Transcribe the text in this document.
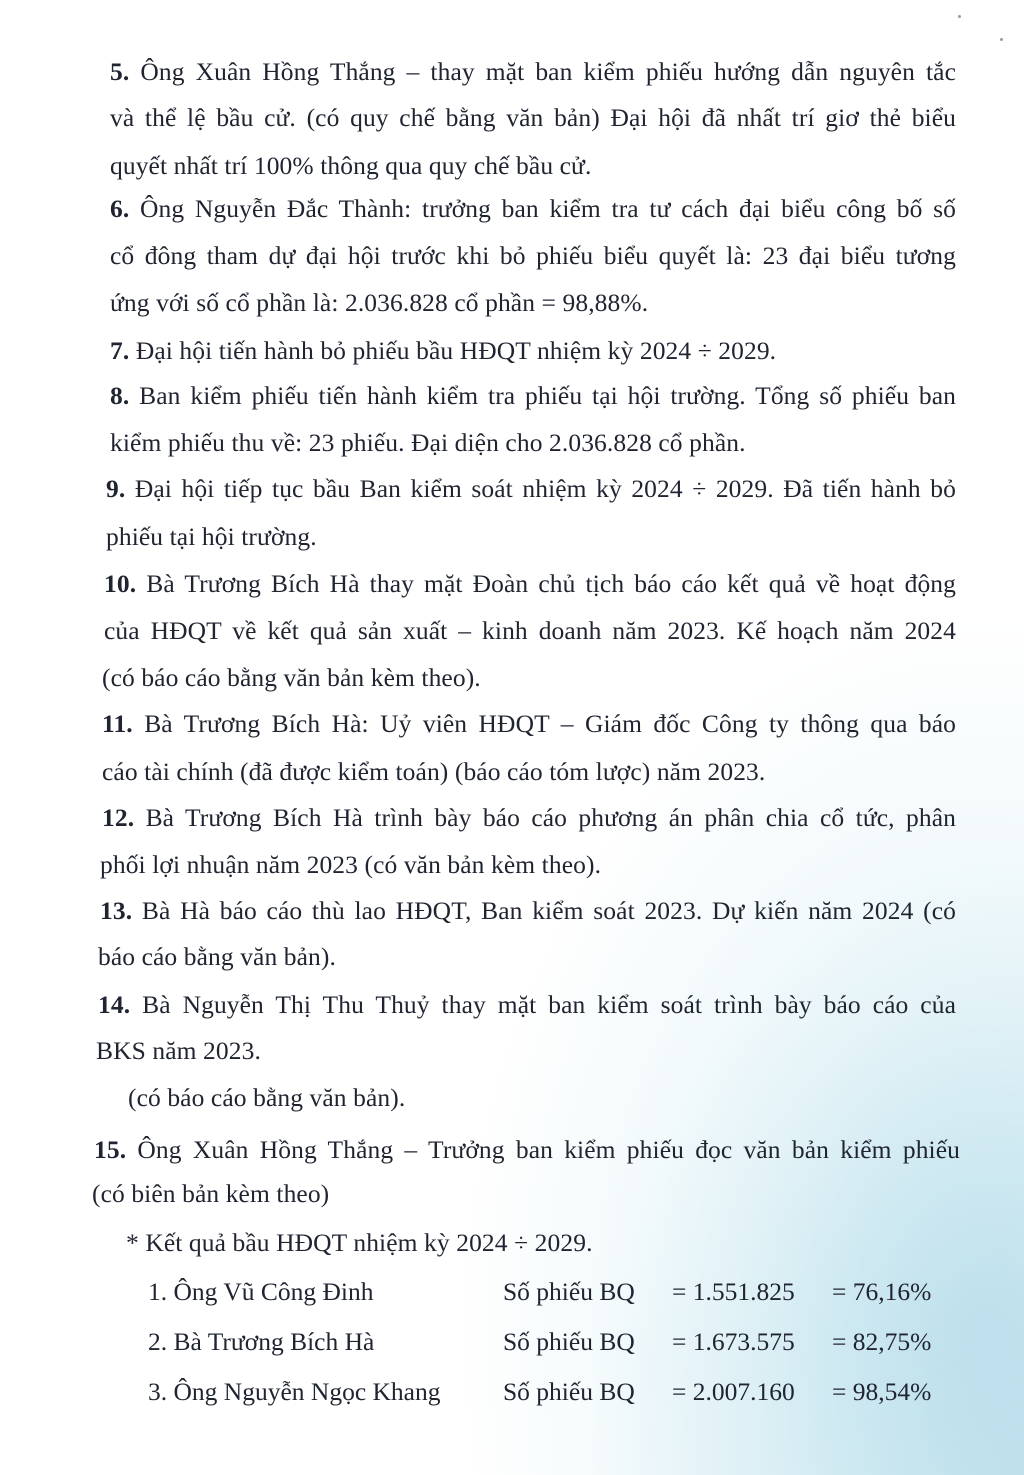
5. Ông Xuân Hồng Thắng – thay mặt ban kiểm phiếu hướng dẫn nguyên tắc
và thể lệ bầu cử. (có quy chế bằng văn bản) Đại hội đã nhất trí giơ thẻ biểu
quyết nhất trí 100% thông qua quy chế bầu cử.
6. Ông Nguyễn Đắc Thành: trưởng ban kiểm tra tư cách đại biểu công bố số
cổ đông tham dự đại hội trước khi bỏ phiếu biểu quyết là: 23 đại biểu tương
ứng với số cổ phần là: 2.036.828 cổ phần = 98,88%.
7. Đại hội tiến hành bỏ phiếu bầu HĐQT nhiệm kỳ 2024 ÷ 2029.
8. Ban kiểm phiếu tiến hành kiểm tra phiếu tại hội trường. Tổng số phiếu ban
kiểm phiếu thu về: 23 phiếu. Đại diện cho 2.036.828 cổ phần.
9. Đại hội tiếp tục bầu Ban kiểm soát nhiệm kỳ 2024 ÷ 2029. Đã tiến hành bỏ
phiếu tại hội trường.
10. Bà Trương Bích Hà thay mặt Đoàn chủ tịch báo cáo kết quả về hoạt động
của HĐQT về kết quả sản xuất – kinh doanh năm 2023. Kế hoạch năm 2024
(có báo cáo bằng văn bản kèm theo).
11. Bà Trương Bích Hà: Uỷ viên HĐQT – Giám đốc Công ty thông qua báo
cáo tài chính (đã được kiểm toán) (báo cáo tóm lược) năm 2023.
12. Bà Trương Bích Hà trình bày báo cáo phương án phân chia cổ tức, phân
phối lợi nhuận năm 2023 (có văn bản kèm theo).
13. Bà Hà báo cáo thù lao HĐQT, Ban kiểm soát 2023. Dự kiến năm 2024 (có
báo cáo bằng văn bản).
14. Bà Nguyễn Thị Thu Thuỷ thay mặt ban kiểm soát trình bày báo cáo của
BKS năm 2023.
(có báo cáo bằng văn bản).
15. Ông Xuân Hồng Thắng – Trưởng ban kiểm phiếu đọc văn bản kiểm phiếu
(có biên bản kèm theo)
* Kết quả bầu HĐQT nhiệm kỳ 2024 ÷ 2029.
1. Ông Vũ Công Đinh	Số phiếu BQ = 1.551.825 = 76,16%
2. Bà Trương Bích Hà	Số phiếu BQ = 1.673.575 = 82,75%
3. Ông Nguyễn Ngọc Khang Số phiếu BQ = 2.007.160 = 98,54%
